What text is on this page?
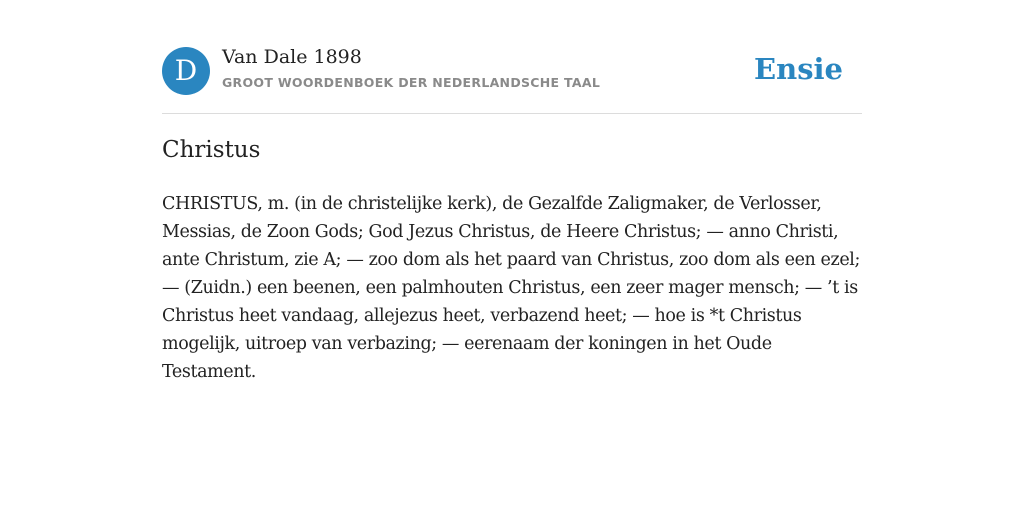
D	Van Dale 1898
GROOT WOORDENBOEK DER NEDERLANDSCHE TAAL	Ensie
Christus
CHRISTUS, m. (in de christelijke kerk), de Gezalfde Zaligmaker, de Verlosser, Messias, de Zoon Gods; God Jezus Christus, de Heere Christus; — anno Christi, ante Christum, zie A; — zoo dom als het paard van Christus, zoo dom als een ezel; — (Zuidn.) een beenen, een palmhouten Christus, een zeer mager mensch; — ’t is Christus heet vandaag, allejezus heet, verbazend heet; — hoe is *t Christus mogelijk, uitroep van verbazing; — eerenaam der koningen in het Oude Testament.
